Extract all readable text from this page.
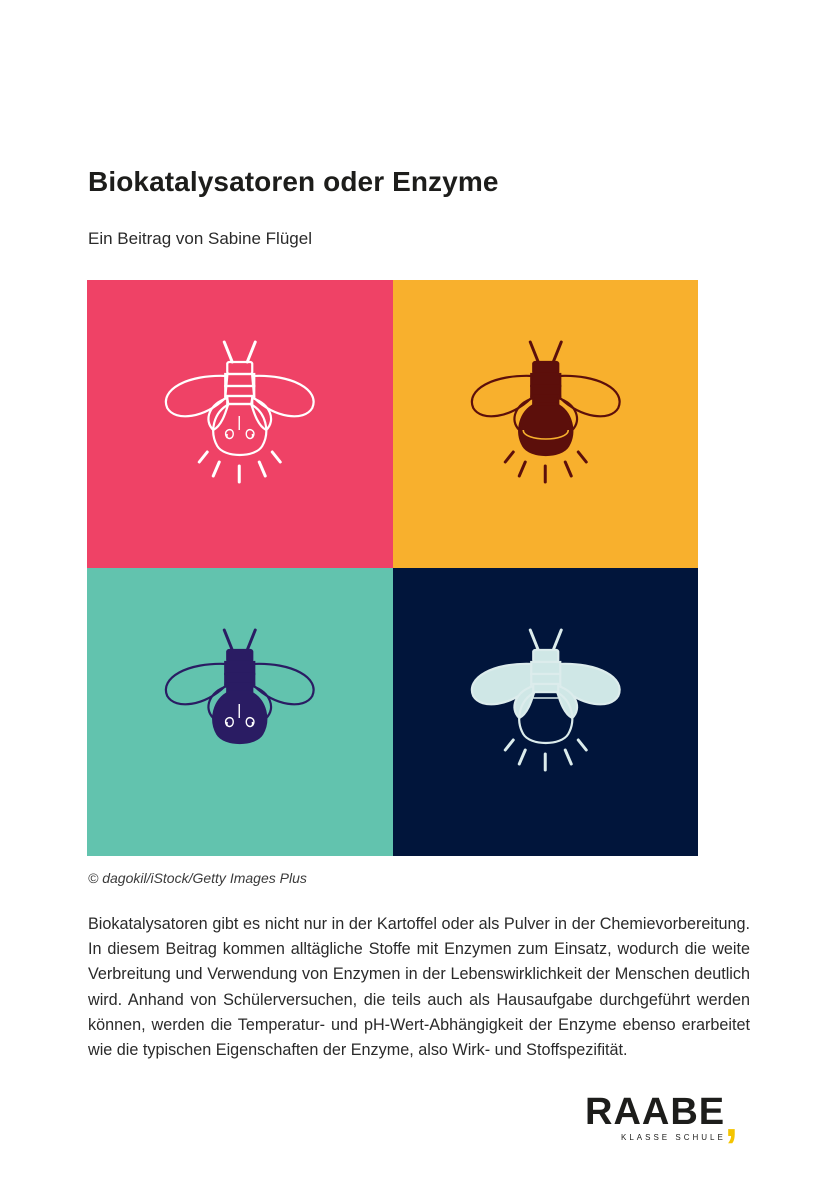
Biokatalysatoren oder Enzyme
Ein Beitrag von Sabine Flügel
© dagokil/iStock/Getty Images Plus

Biokatalysatoren gibt es nicht nur in der Kartoffel oder als Pulver in der Chemievorbereitung. In diesem Beitrag kommen alltägliche Stoffe mit Enzymen zum Einsatz, wodurch die weite Verbreitung und Verwendung von Enzymen in der Lebenswirklichkeit der Menschen deutlich wird. Anhand von Schülerversuchen, die teils auch als Hausaufgabe durchgeführt werden können, werden die Temperatur- und pH-Wert-Abhängigkeit der Enzyme ebenso erarbeitet wie die typischen Eigenschaften der Enzyme, also Wirk- und Stoffspezifität.

RAABE ,
KLASSE SCHULE
